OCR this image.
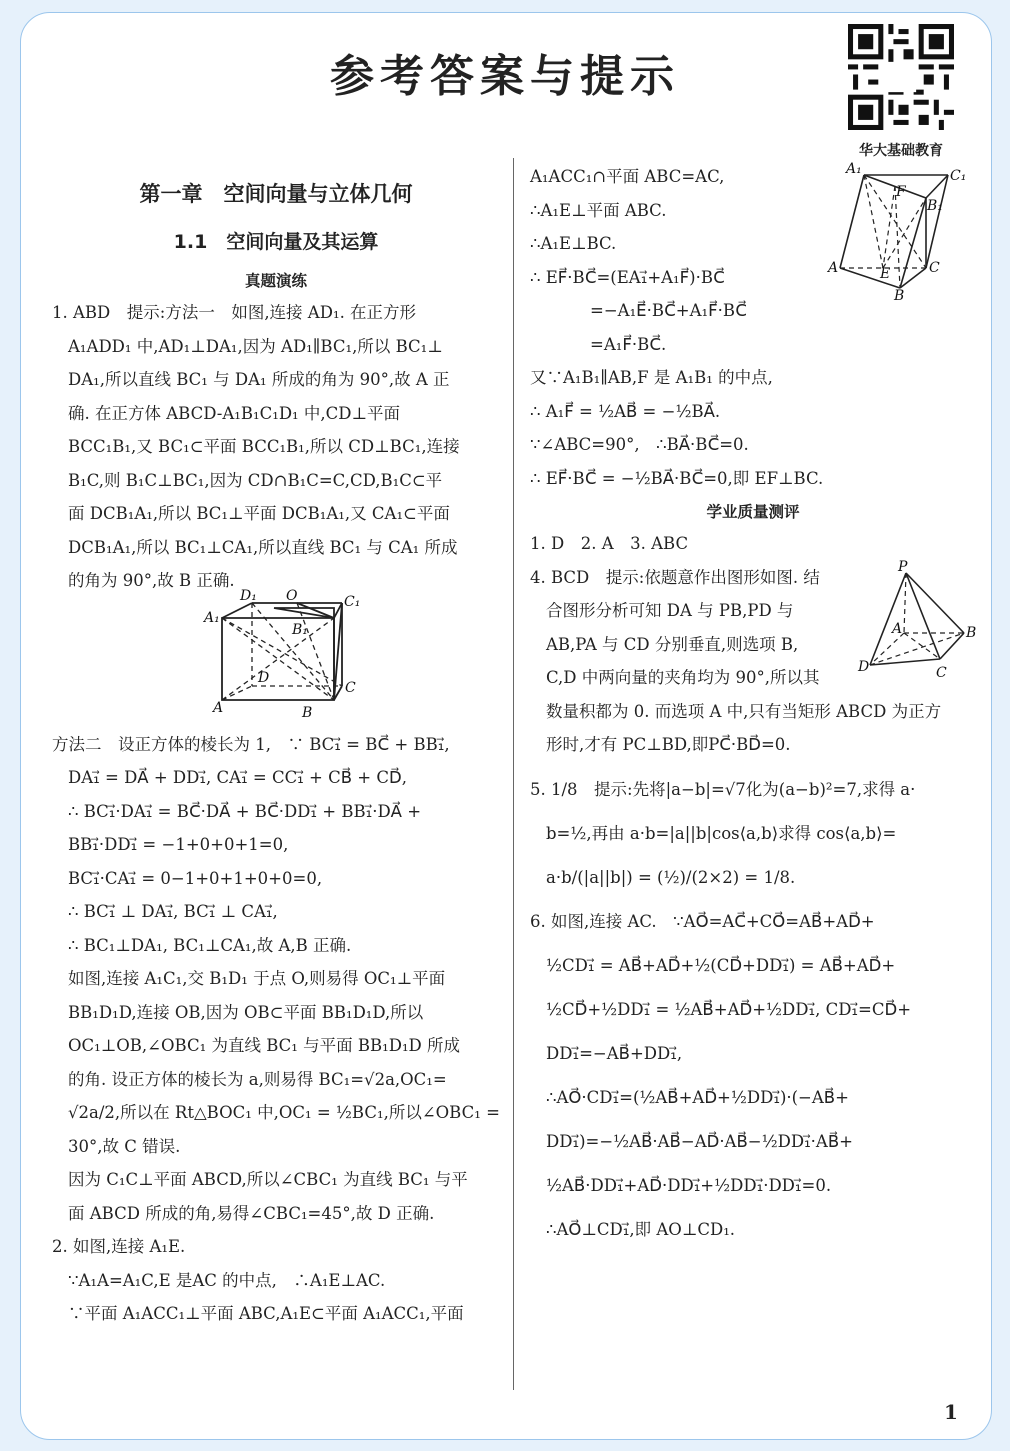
参考答案与提示
华大基础教育

第一章　空间向量与立体几何

1.1　空间向量及其运算

真题演练

1. ABD　提示:方法一　如图,连接 AD₁. 在正方形

A₁ADD₁ 中,AD₁⊥DA₁,因为 AD₁∥BC₁,所以 BC₁⊥

DA₁,所以直线 BC₁ 与 DA₁ 所成的角为 90°,故 A 正

确. 在正方体 ABCD-A₁B₁C₁D₁ 中,CD⊥平面

BCC₁B₁,又 BC₁⊂平面 BCC₁B₁,所以 CD⊥BC₁,连接

B₁C,则 B₁C⊥BC₁,因为 CD∩B₁C=C,CD,B₁C⊂平

面 DCB₁A₁,所以 BC₁⊥平面 DCB₁A₁,又 CA₁⊂平面

DCB₁A₁,所以 BC₁⊥CA₁,所以直线 BC₁ 与 CA₁ 所成

的角为 90°,故 B 正确.

D₁ O	C₁
A₁
B₁
D
C
A	B

方法二　设正方体的棱长为 1,　∵ BC₁⃗ = BC⃗ + BB₁⃗,

DA₁⃗ = DA⃗ + DD₁⃗, CA₁⃗ = CC₁⃗ + CB⃗ + CD⃗,

∴ BC₁⃗·DA₁⃗ = BC⃗·DA⃗ + BC⃗·DD₁⃗ + BB₁⃗·DA⃗ +

BB₁⃗·DD₁⃗ = −1+0+0+1=0,

BC₁⃗·CA₁⃗ = 0−1+0+1+0+0=0,

∴ BC₁⃗ ⊥ DA₁⃗, BC₁⃗ ⊥ CA₁⃗,

∴ BC₁⊥DA₁, BC₁⊥CA₁,故 A,B 正确.

如图,连接 A₁C₁,交 B₁D₁ 于点 O,则易得 OC₁⊥平面

BB₁D₁D,连接 OB,因为 OB⊂平面 BB₁D₁D,所以

OC₁⊥OB,∠OBC₁ 为直线 BC₁ 与平面 BB₁D₁D 所成

的角. 设正方体的棱长为 a,则易得 BC₁=√2a,OC₁=

√2a/2,所以在 Rt△BOC₁ 中,OC₁ = ½BC₁,所以∠OBC₁ =

30°,故 C 错误.

因为 C₁C⊥平面 ABCD,所以∠CBC₁ 为直线 BC₁ 与平

面 ABCD 所成的角,易得∠CBC₁=45°,故 D 正确.

2. 如图,连接 A₁E.

∵A₁A=A₁C,E 是AC 的中点,　∴A₁E⊥AC.

∵平面 A₁ACC₁⊥平面 ABC,A₁E⊂平面 A₁ACC₁,平面

A₁	C₁
F
B₁
A	E	C
B

A₁ACC₁∩平面 ABC=AC,

∴A₁E⊥平面 ABC.

∴A₁E⊥BC.

∴ EF⃗·BC⃗=(EA₁⃗+A₁F⃗)·BC⃗

=−A₁E⃗·BC⃗+A₁F⃗·BC⃗

=A₁F⃗·BC⃗.

又∵A₁B₁∥AB,F 是 A₁B₁ 的中点,

∴ A₁F⃗ = ½AB⃗ = −½BA⃗.

∵∠ABC=90°,　∴BA⃗·BC⃗=0.

∴ EF⃗·BC⃗ = −½BA⃗·BC⃗=0,即 EF⊥BC.

学业质量测评

1. D　2. A　3. ABC

P
A	B
D	C

4. BCD　提示:依题意作出图形如图. 结

合图形分析可知 DA 与 PB,PD 与

AB,PA 与 CD 分别垂直,则选项 B,

C,D 中两向量的夹角均为 90°,所以其

数量积都为 0. 而选项 A 中,只有当矩形 ABCD 为正方

形时,才有 PC⊥BD,即PC⃗·BD⃗=0.

5. 1/8　提示:先将|a−b|=√7化为(a−b)²=7,求得 a·

b=½,再由 a·b=|a||b|cos⟨a,b⟩求得 cos⟨a,b⟩=

a·b/(|a||b|) = (½)/(2×2) = 1/8.

6. 如图,连接 AC.　∵AO⃗=AC⃗+CO⃗=AB⃗+AD⃗+

½CD₁⃗ = AB⃗+AD⃗+½(CD⃗+DD₁⃗) = AB⃗+AD⃗+

½CD⃗+½DD₁⃗ = ½AB⃗+AD⃗+½DD₁⃗, CD₁⃗=CD⃗+

DD₁⃗=−AB⃗+DD₁⃗,

∴AO⃗·CD₁⃗=(½AB⃗+AD⃗+½DD₁⃗)·(−AB⃗+

DD₁⃗)=−½AB⃗·AB⃗−AD⃗·AB⃗−½DD₁⃗·AB⃗+

½AB⃗·DD₁⃗+AD⃗·DD₁⃗+½DD₁⃗·DD₁⃗=0.

∴AO⃗⊥CD₁⃗,即 AO⊥CD₁.

1
